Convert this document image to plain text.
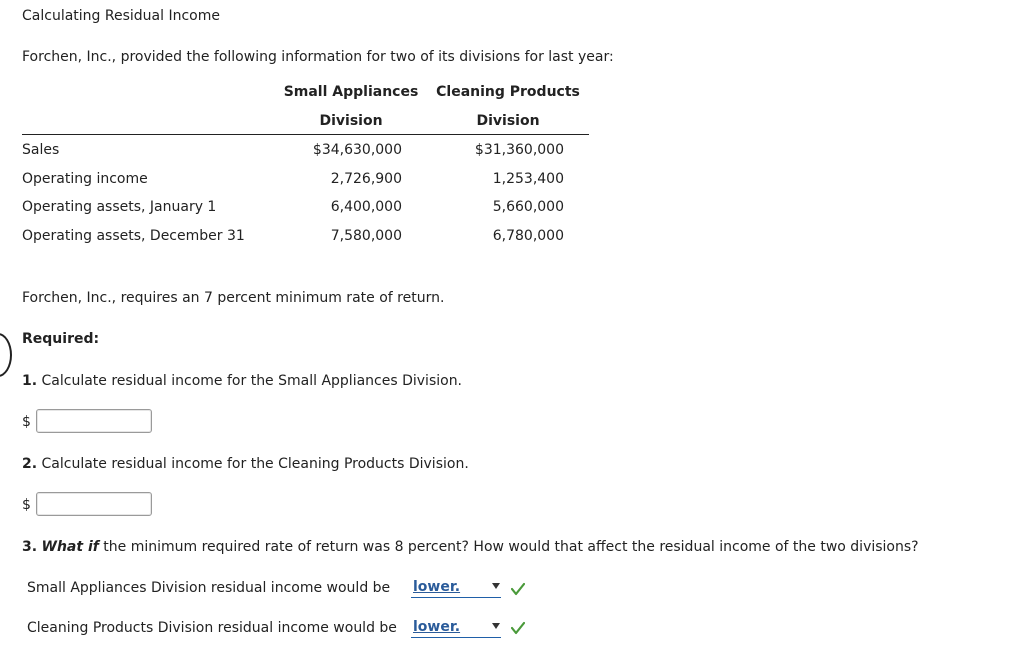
Calculating Residual Income
Forchen, Inc., provided the following information for two of its divisions for last year:
Small Appliances
Division
Cleaning Products
Division
Sales	$34,630,000	$31,360,000
Operating income	2,726,900	1,253,400
Operating assets, January 1	6,400,000	5,660,000
Operating assets, December 31	7,580,000	6,780,000
Forchen, Inc., requires an 7 percent minimum rate of return.
Required:
1. Calculate residual income for the Small Appliances Division.
$
2. Calculate residual income for the Cleaning Products Division.
$
3. What if the minimum required rate of return was 8 percent? How would that affect the residual income of the two divisions?
Small Appliances Division residual income would be lower.
Cleaning Products Division residual income would be lower.
